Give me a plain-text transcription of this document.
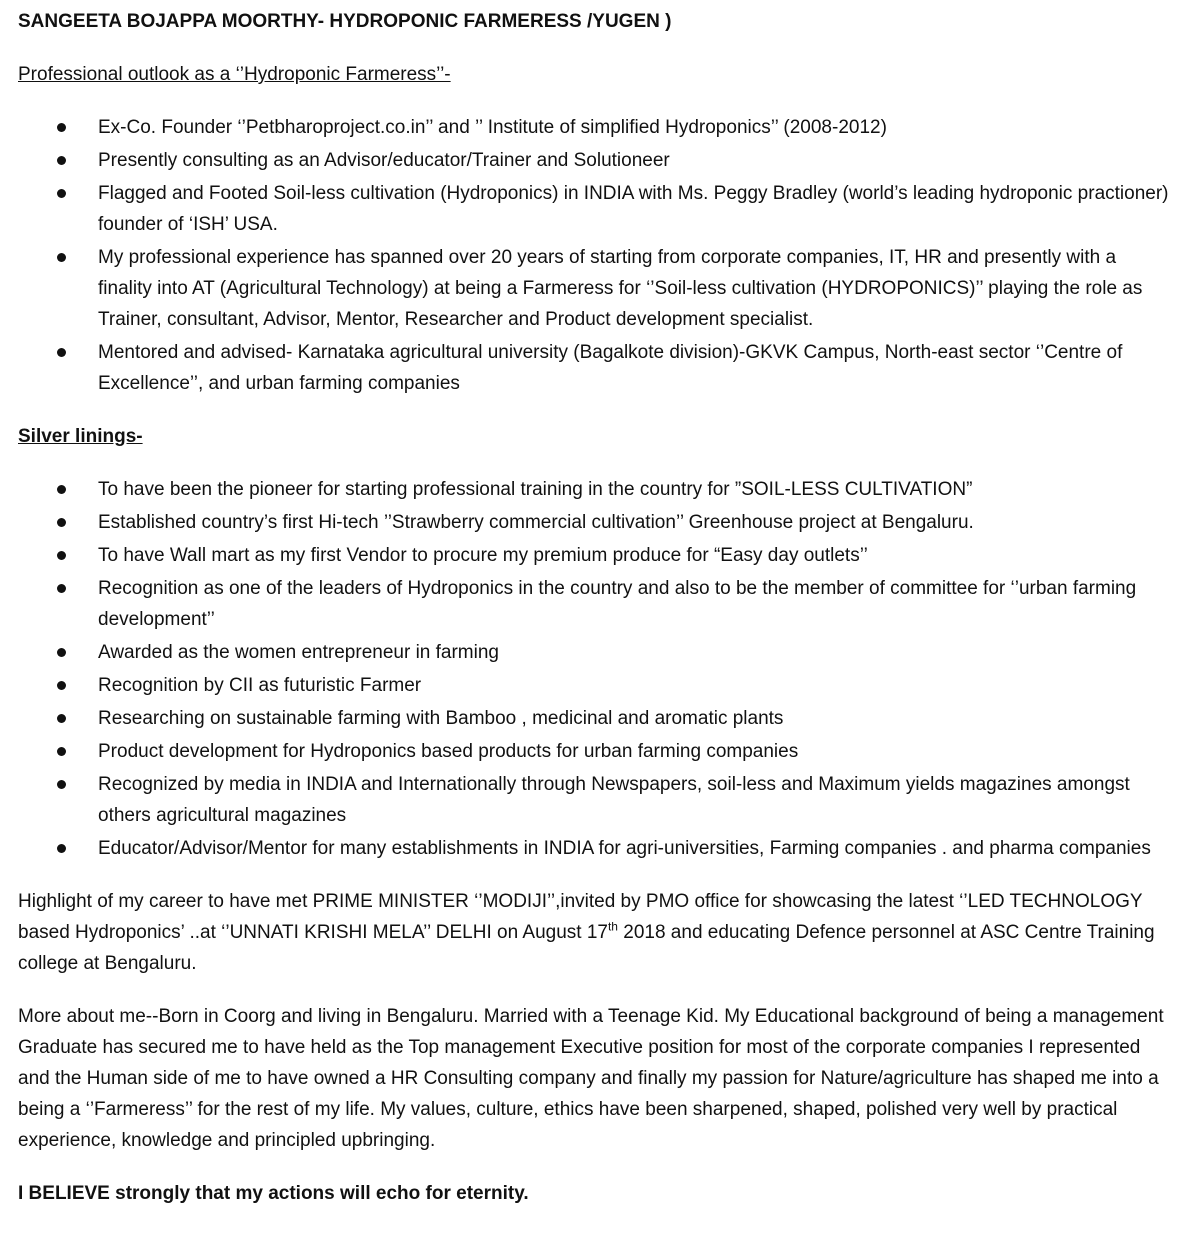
SANGEETA BOJAPPA MOORTHY- HYDROPONIC FARMERESS /YUGEN )

Professional outlook as a ‘’Hydroponic Farmeress’’-

Ex-Co. Founder ‘’Petbharoproject.co.in’’ and ’’ Institute of simplified Hydroponics’’ (2008-2012)
Presently consulting as an Advisor/educator/Trainer and Solutioneer
Flagged and Footed Soil-less cultivation (Hydroponics) in INDIA with Ms. Peggy Bradley (world’s leading hydroponic practioner) founder of ‘ISH’ USA.
My professional experience has spanned over 20 years of starting from corporate companies, IT, HR and presently with a finality into AT (Agricultural Technology) at being a Farmeress for ‘’Soil-less cultivation (HYDROPONICS)’’ playing the role as Trainer, consultant, Advisor, Mentor, Researcher and Product development specialist.
Mentored and advised- Karnataka agricultural university (Bagalkote division)-GKVK Campus, North-east sector ‘’Centre of Excellence’’, and urban farming companies

Silver linings-

To have been the pioneer for starting professional training in the country for ”SOIL-LESS CULTIVATION”
Established country’s first Hi-tech ’’Strawberry commercial cultivation’’ Greenhouse project at Bengaluru.
To have Wall mart as my first Vendor to procure my premium produce for “Easy day outlets’’
Recognition as one of the leaders of Hydroponics in the country and also to be the member of committee for ‘’urban farming development’’
Awarded as the women entrepreneur in farming
Recognition by CII as futuristic Farmer
Researching on sustainable farming with Bamboo , medicinal and aromatic plants
Product development for Hydroponics based products for urban farming companies
Recognized by media in INDIA and Internationally through Newspapers, soil-less and Maximum yields magazines amongst others agricultural magazines
Educator/Advisor/Mentor for many establishments in INDIA for agri-universities, Farming companies . and pharma companies

Highlight of my career to have met PRIME MINISTER ‘’MODIJI’’,invited by PMO office for showcasing the latest ‘’LED TECHNOLOGY based Hydroponics’ ..at ‘’UNNATI KRISHI MELA’’ DELHI on August 17th 2018 and educating Defence personnel at ASC Centre Training college at Bengaluru.

More about me--Born in Coorg and living in Bengaluru. Married with a Teenage Kid. My Educational background of being a management Graduate has secured me to have held as the Top management Executive position for most of the corporate companies I represented and the Human side of me to have owned a HR Consulting company and finally my passion for Nature/agriculture has shaped me into a being a ‘’Farmeress’’ for the rest of my life. My values, culture, ethics have been sharpened, shaped, polished very well by practical experience, knowledge and principled upbringing.

I BELIEVE strongly that my actions will echo for eternity.
